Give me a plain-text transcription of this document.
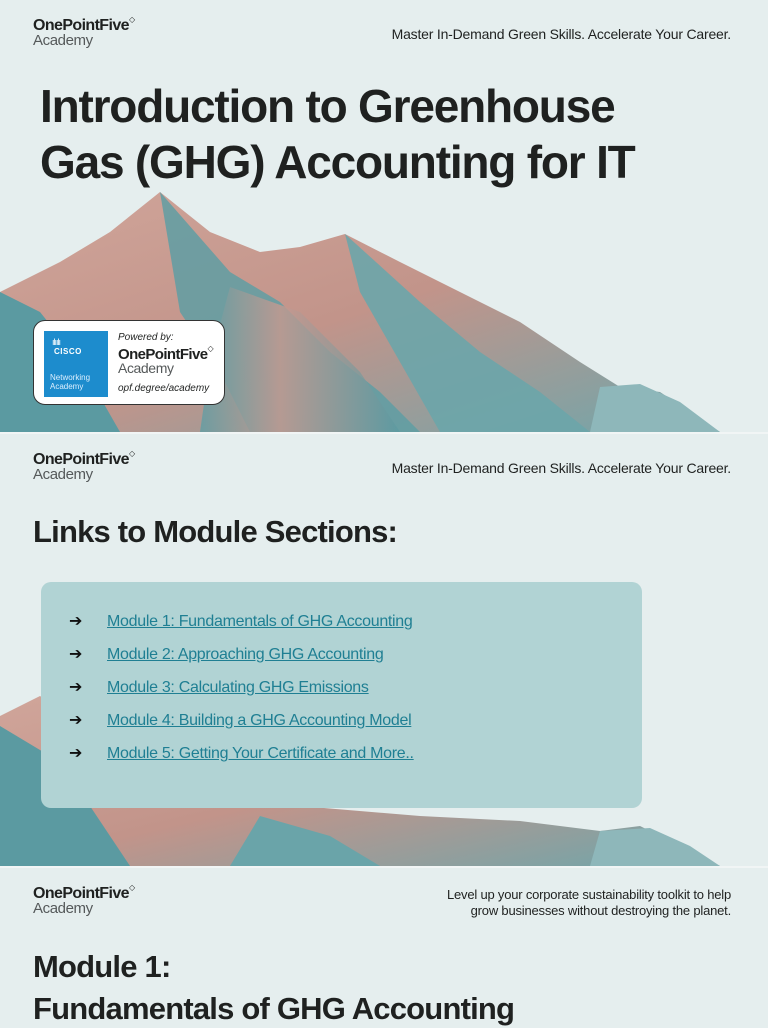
OnePointFive◇
Academy	Master In-Demand Green Skills. Accelerate Your Career.
Introduction to Greenhouse
Gas (GHG) Accounting for IT
ılıılı
CISCO
Networking
Academy
Powered by:
OnePointFive◇
Academy
opf.degree/academy
OnePointFive◇
Academy	Master In-Demand Green Skills. Accelerate Your Career.
Links to Module Sections:
➔	Module 1: Fundamentals of GHG Accounting
➔	Module 2: Approaching GHG Accounting
➔	Module 3: Calculating GHG Emissions
➔	Module 4: Building a GHG Accounting Model
➔	Module 5: Getting Your Certificate and More..
OnePointFive◇
Academy
Level up your corporate sustainability toolkit to help
grow businesses without destroying the planet.
Module 1:
Fundamentals of GHG Accounting
